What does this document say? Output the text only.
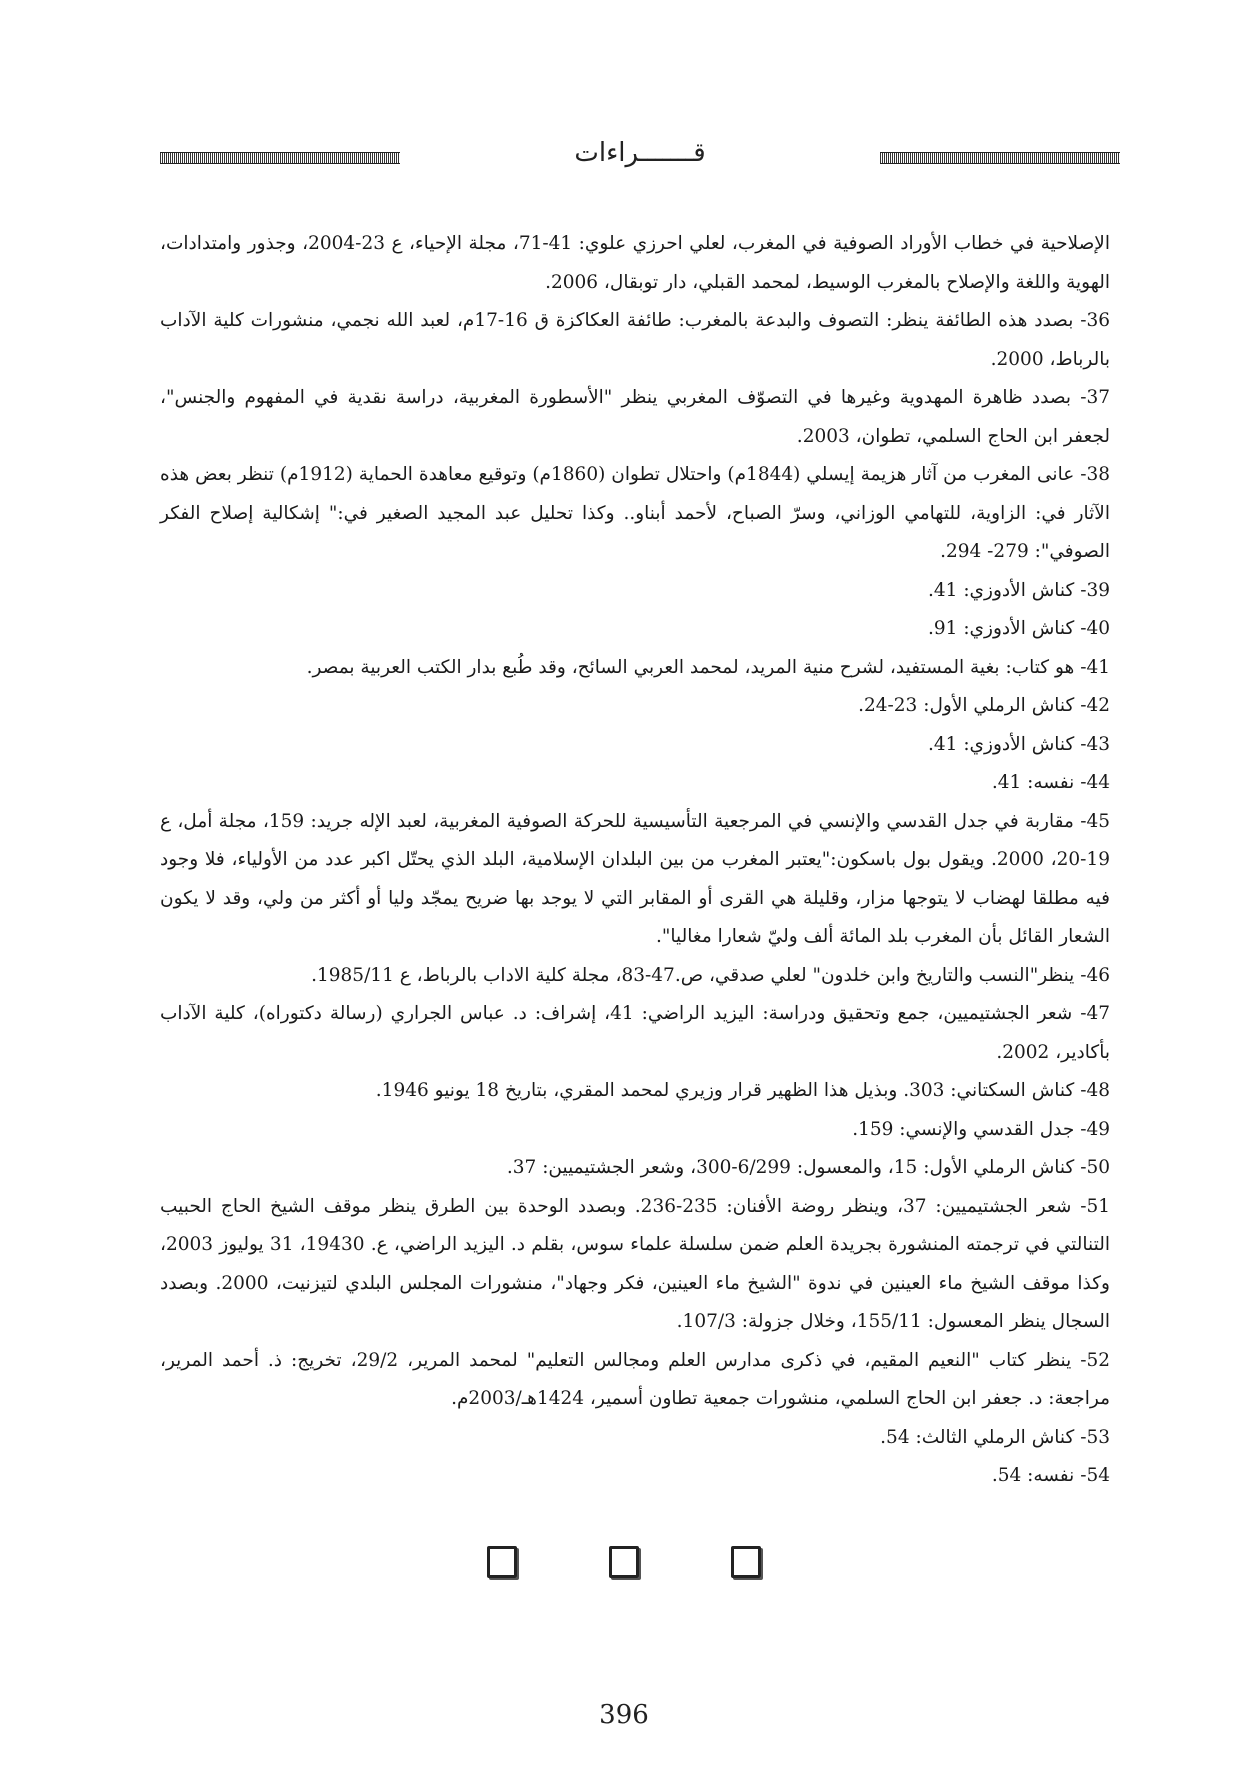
قـــــــراءات

الإصلاحية في خطاب الأوراد الصوفية في المغرب، لعلي احرزي علوي: 41-71، مجلة الإحياء، ع 23-2004، وجذور وامتدادات، الهوية واللغة والإصلاح بالمغرب الوسيط، لمحمد القبلي، دار توبقال، 2006.

36- بصدد هذه الطائفة ينظر: التصوف والبدعة بالمغرب: طائفة العكاكزة ق 16-17م، لعبد الله نجمي، منشورات كلية الآداب بالرباط، 2000.

37- بصدد ظاهرة المهدوية وغيرها في التصوّف المغربي ينظر "الأسطورة المغربية، دراسة نقدية في المفهوم والجنس"، لجعفر ابن الحاج السلمي، تطوان، 2003.

38- عانى المغرب من آثار هزيمة إيسلي (1844م) واحتلال تطوان (1860م) وتوقيع معاهدة الحماية (1912م) تنظر بعض هذه الآثار في: الزاوية، للتهامي الوزاني، وسرّ الصباح، لأحمد أبناو.. وكذا تحليل عبد المجيد الصغير في:" إشكالية إصلاح الفكر الصوفي": 279- 294.

39- كناش الأدوزي: 41.

40- كناش الأدوزي: 91.

41- هو كتاب: بغية المستفيد، لشرح منية المريد، لمحمد العربي السائح، وقد طُبع بدار الكتب العربية بمصر.

42- كناش الرملي الأول: 23-24.

43- كناش الأدوزي: 41.

44- نفسه: 41.

45- مقاربة في جدل القدسي والإنسي في المرجعية التأسيسية للحركة الصوفية المغربية، لعبد الإله جريد: 159، مجلة أمل، ع 19-20، 2000. ويقول بول باسكون:"يعتبر المغرب من بين البلدان الإسلامية، البلد الذي يحتّل اكبر عدد من الأولياء، فلا وجود فيه مطلقا لهضاب لا يتوجها مزار، وقليلة هي القرى أو المقابر التي لا يوجد بها ضريح يمجّد وليا أو أكثر من ولي، وقد لا يكون الشعار القائل بأن المغرب بلد المائة ألف وليّ شعارا مغاليا".

46- ينظر"النسب والتاريخ وابن خلدون" لعلي صدقي، ص.47-83، مجلة كلية الاداب بالرباط، ع 1985/11.

47- شعر الجشتيميين، جمع وتحقيق ودراسة: اليزيد الراضي: 41، إشراف: د. عباس الجراري (رسالة دكتوراه)، كلية الآداب بأكادير، 2002.

48- كناش السكتاني: 303. وبذيل هذا الظهير قرار وزيري لمحمد المقري، بتاريخ 18 يونيو 1946.

49- جدل القدسي والإنسي: 159.

50- كناش الرملي الأول: 15، والمعسول: 6/299-300، وشعر الجشتيميين: 37.

51- شعر الجشتيميين: 37، وينظر روضة الأفنان: 235-236. وبصدد الوحدة بين الطرق ينظر موقف الشيخ الحاج الحبيب التنالتي في ترجمته المنشورة بجريدة العلم ضمن سلسلة علماء سوس، بقلم د. اليزيد الراضي، ع. 19430، 31 يوليوز 2003، وكذا موقف الشيخ ماء العينين في ندوة "الشيخ ماء العينين، فكر وجهاد"، منشورات المجلس البلدي لتيزنيت، 2000. وبصدد السجال ينظر المعسول: 155/11، وخلال جزولة: 107/3.

52- ينظر كتاب "النعيم المقيم، في ذكرى مدارس العلم ومجالس التعليم" لمحمد المرير، 29/2، تخريج: ذ. أحمد المرير، مراجعة: د. جعفر ابن الحاج السلمي، منشورات جمعية تطاون أسمير، 1424هـ/2003م.

53- كناش الرملي الثالث: 54.

54- نفسه: 54.

396
